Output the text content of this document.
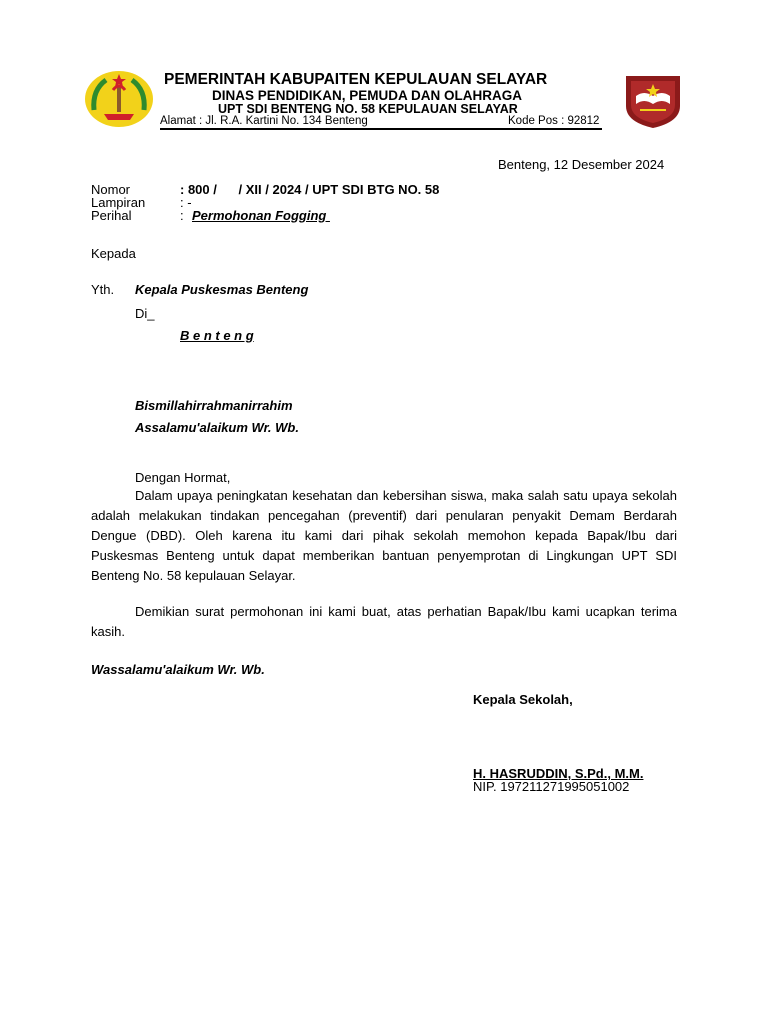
PEMERINTAH KABUPAITEN KEPULAUAN SELAYAR
DINAS PENDIDIKAN, PEMUDA DAN OLAHRAGA
UPT SDI BENTENG NO. 58 KEPULAUAN SELAYAR
Alamat : Jl. R.A. Kartini No. 134 Benteng	Kode Pos : 92812
Benteng, 12 Desember 2024
Nomor	: 800 /      / XII / 2024 / UPT SDI BTG NO. 58
Lampiran	: -
Perihal	: Permohonan Fogging
Kepada
Yth. Kepala Puskesmas Benteng
Di_
B e n t e n g
Bismillahirrahmanirrahim
Assalamu'alaikum Wr. Wb.
Dengan Hormat,
Dalam upaya peningkatan kesehatan dan kebersihan siswa, maka salah satu upaya sekolah adalah melakukan tindakan pencegahan (preventif) dari penularan penyakit Demam Berdarah Dengue (DBD). Oleh karena itu kami dari pihak sekolah memohon kepada Bapak/Ibu dari Puskesmas Benteng untuk dapat memberikan bantuan penyemprotan di Lingkungan UPT SDI Benteng No. 58 kepulauan Selayar.
Demikian surat permohonan ini kami buat, atas perhatian Bapak/Ibu kami ucapkan terima kasih.
Wassalamu'alaikum Wr. Wb.
Kepala Sekolah,
H. HASRUDDIN, S.Pd., M.M.
NIP. 197211271995051002
